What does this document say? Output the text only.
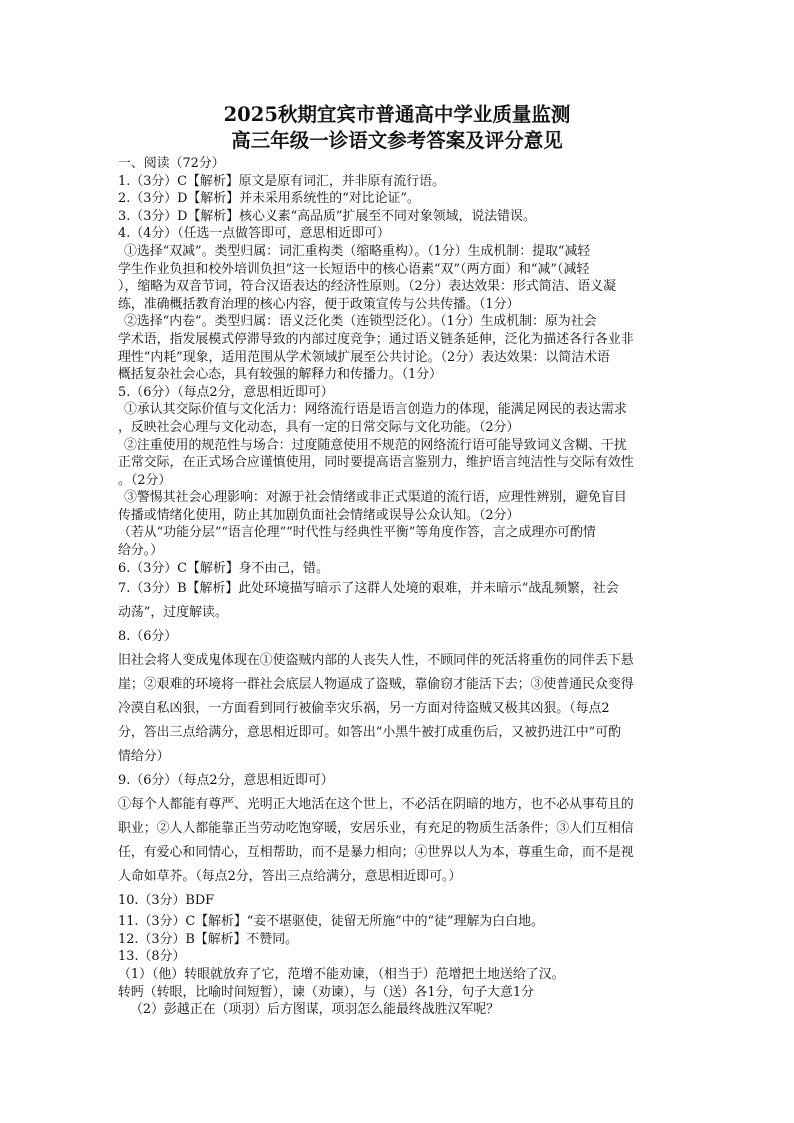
2025秋期宜宾市普通高中学业质量监测
高三年级一诊语文参考答案及评分意见
一、阅读（72分）
1.（3分）C【解析】原文是原有词汇，并非原有流行语。
2.（3分）D【解析】并未采用系统性的“对比论证”。
3.（3分）D【解析】核心义素“高品质”扩展至不同对象领域，说法错误。
4.（4分）（任选一点做答即可，意思相近即可）
①选择“双减”。类型归属：词汇重构类（缩略重构）。（1分）生成机制：提取“减轻
学生作业负担和校外培训负担”这一长短语中的核心语素“双”（两方面）和“减”（减轻
），缩略为双音节词，符合汉语表达的经济性原则。（2分）表达效果：形式简洁、语义凝
练，准确概括教育治理的核心内容，便于政策宣传与公共传播。（1分）
②选择“内卷”。类型归属：语义泛化类（连锁型泛化）。（1分）生成机制：原为社会
学术语，指发展模式停滞导致的内部过度竞争；通过语义链条延伸，泛化为描述各行各业非
理性“内耗”现象，适用范围从学术领域扩展至公共讨论。（2分）表达效果：以简洁术语
概括复杂社会心态，具有较强的解释力和传播力。（1分）
5.（6分）（每点2分，意思相近即可）
①承认其交际价值与文化活力：网络流行语是语言创造力的体现，能满足网民的表达需求
，反映社会心理与文化动态，具有一定的日常交际与文化功能。（2分）
②注重使用的规范性与场合：过度随意使用不规范的网络流行语可能导致词义含糊、干扰
正常交际，在正式场合应谨慎使用，同时要提高语言鉴别力，维护语言纯洁性与交际有效性
。（2分）
③警惕其社会心理影响：对源于社会情绪或非正式渠道的流行语，应理性辨别，避免盲目
传播或情绪化使用，防止其加剧负面社会情绪或误导公众认知。（2分）
（若从“功能分层”“语言伦理”“时代性与经典性平衡”等角度作答，言之成理亦可酌情
给分。）
6.（3分）C【解析】身不由己，错。
7.（3分）B【解析】此处环境描写暗示了这群人处境的艰难，并未暗示“战乱频繁，社会
动荡”，过度解读。
8.（6分）
旧社会将人变成鬼体现在①使盗贼内部的人丧失人性，不顾同伴的死活将重伤的同伴丢下悬
崖；②艰难的环境将一群社会底层人物逼成了盗贼，靠偷窃才能活下去；③使普通民众变得
冷漠自私凶狠，一方面看到同行被偷幸灾乐祸，另一方面对待盗贼又极其凶狠。（每点2
分，答出三点给满分，意思相近即可。如答出“小黑牛被打成重伤后，又被扔进江中”可酌
情给分）
9.（6分）（每点2分，意思相近即可）
①每个人都能有尊严、光明正大地活在这个世上，不必活在阴暗的地方，也不必从事苟且的
职业；②人人都能靠正当劳动吃饱穿暖，安居乐业，有充足的物质生活条件；③人们互相信
任，有爱心和同情心，互相帮助，而不是暴力相向；④世界以人为本，尊重生命，而不是视
人命如草芥。（每点2分，答出三点给满分，意思相近即可。）
10.（3分）BDF
11.（3分）C【解析】“妾不堪驱使，徒留无所施”中的“徒”理解为白白地。
12.（3分）B【解析】不赞同。
13.（8分）
（1）（他）转眼就放弃了它，范增不能劝谏，（相当于）范增把土地送给了汉。
转眄（转眼，比喻时间短暂），谏（劝谏），与（送）各1分，句子大意1分
（2）彭越正在（项羽）后方图谋，项羽怎么能最终战胜汉军呢？
